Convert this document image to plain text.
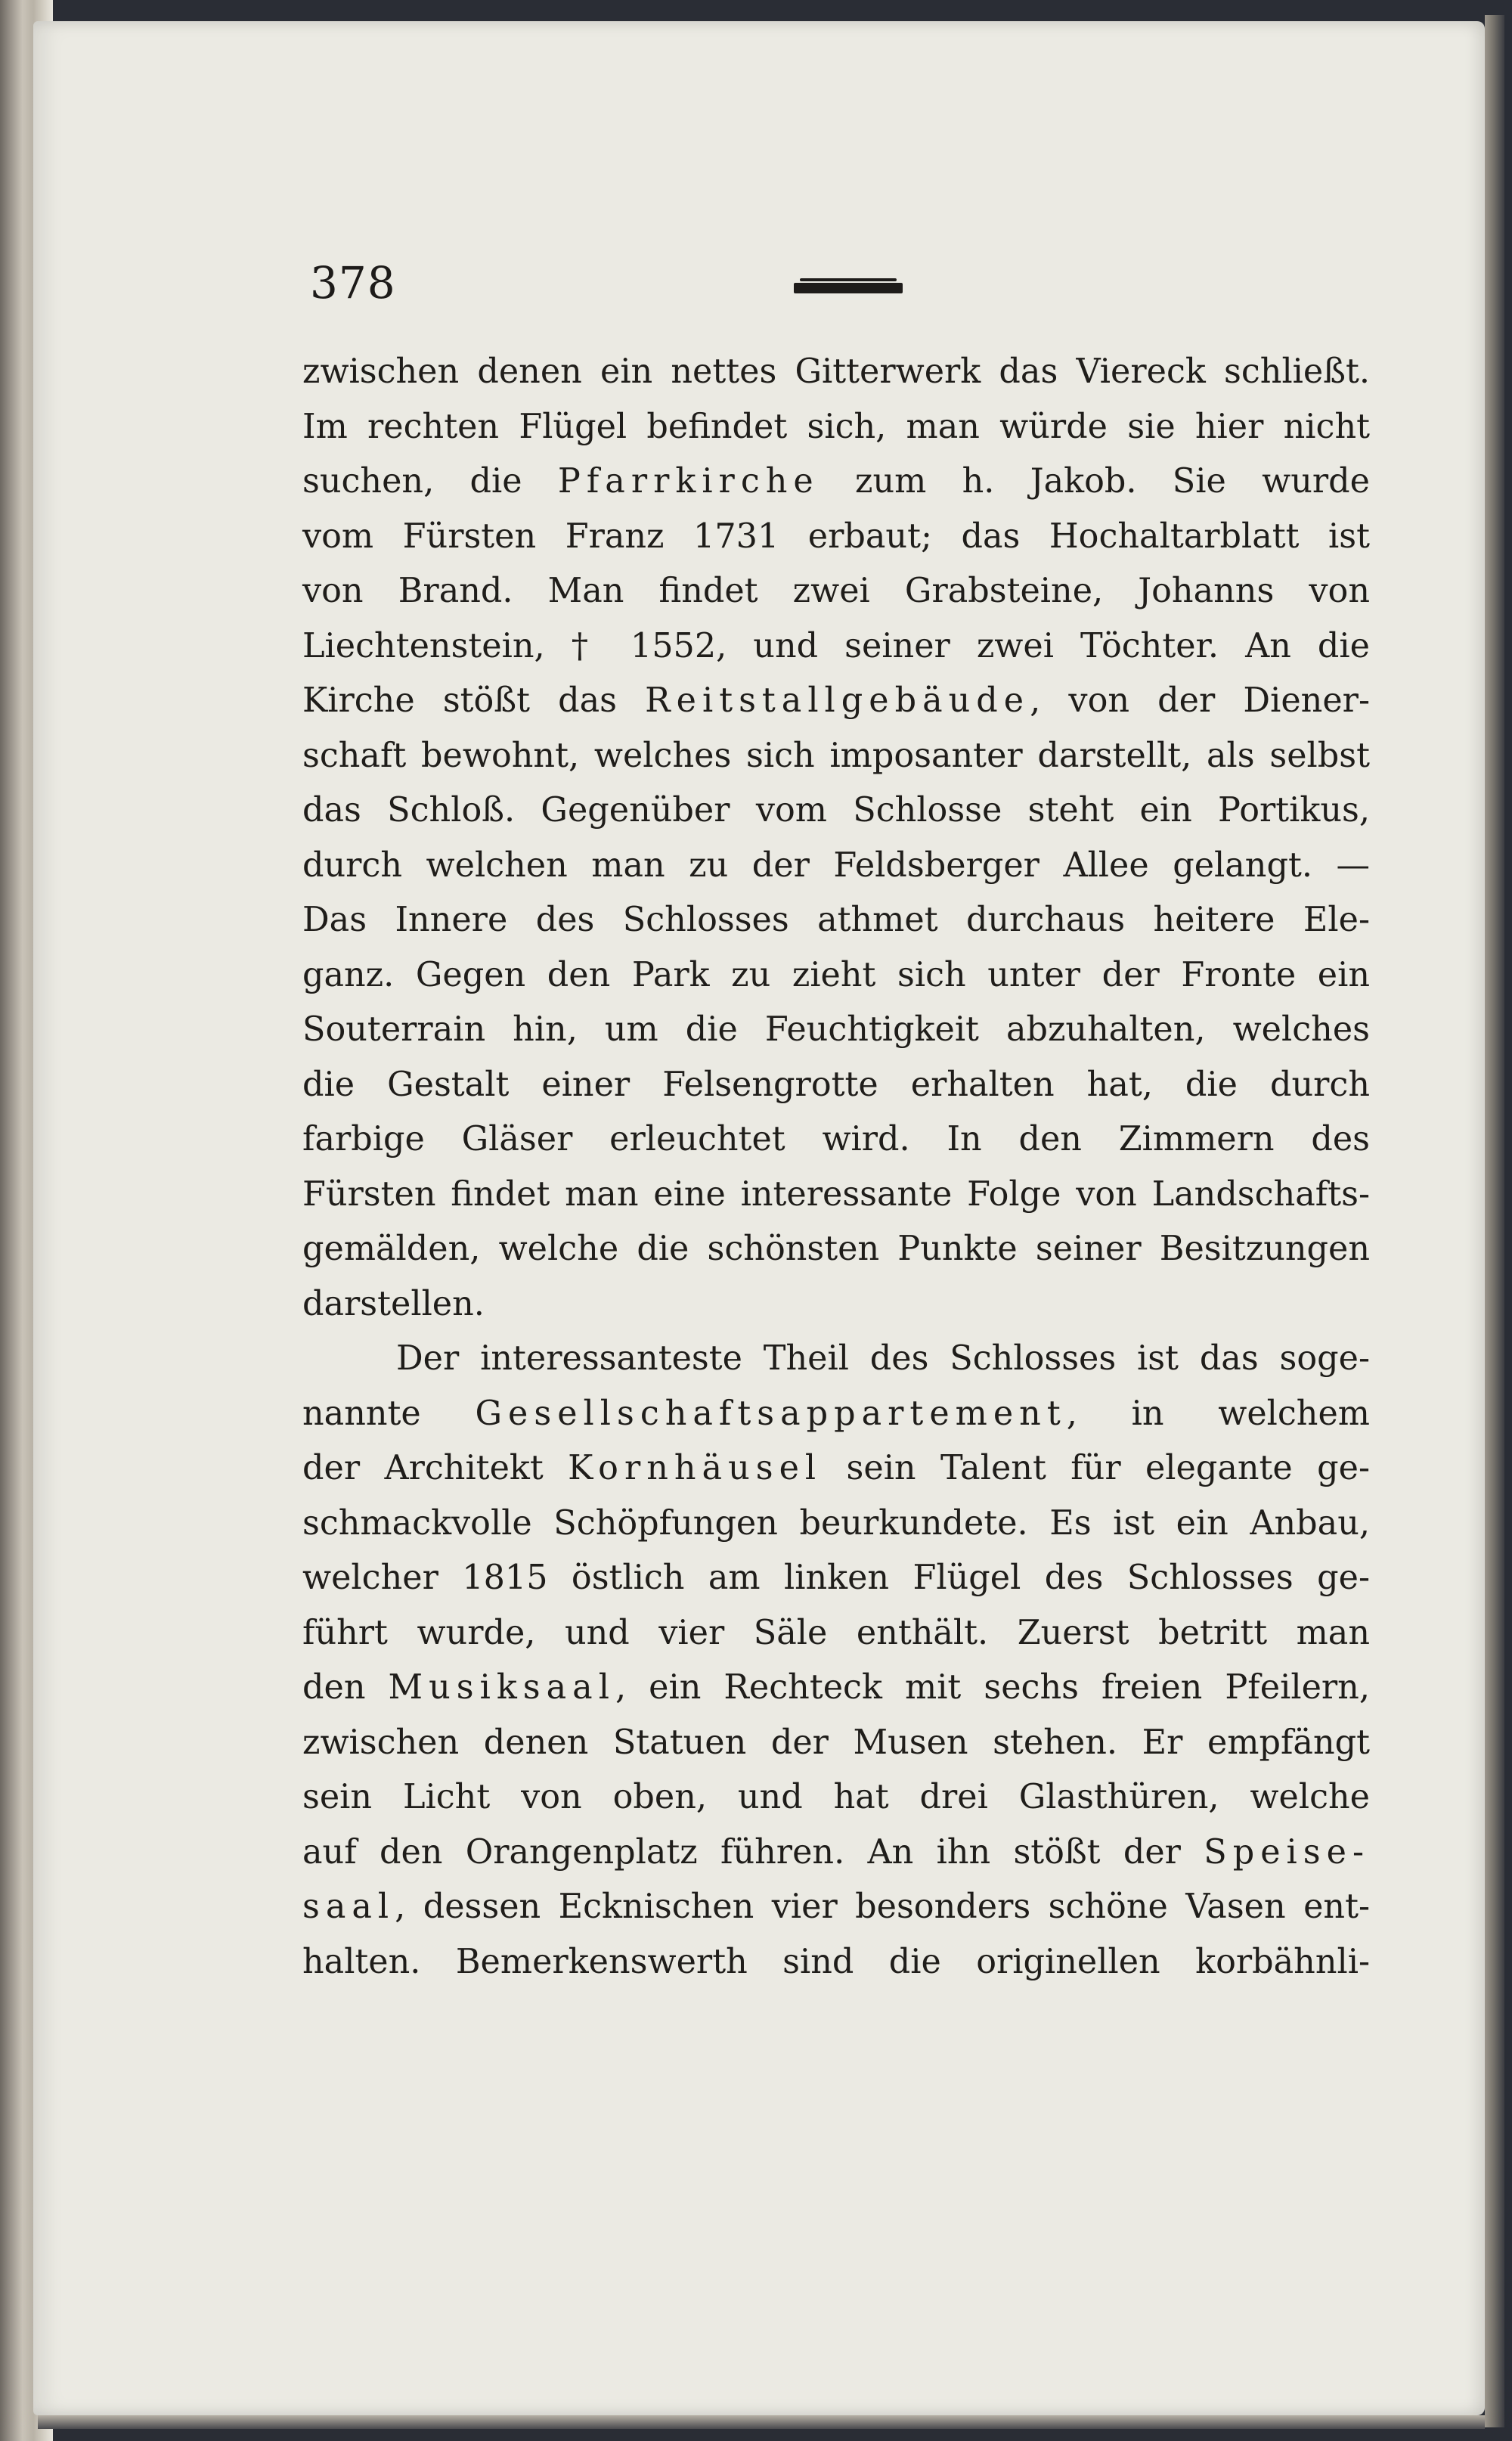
378
zwischen denen ein nettes Gitterwerk das Viereck schließt.
Im rechten Flügel befindet sich, man würde sie hier nicht
suchen, die Pfarrkirche zum h. Jakob. Sie wurde
vom Fürsten Franz 1731 erbaut; das Hochaltarblatt ist
von Brand. Man findet zwei Grabsteine, Johanns von
Liechtenstein, † 1552, und seiner zwei Töchter. An die
Kirche stößt das Reitstallgebäude, von der Diener-
schaft bewohnt, welches sich imposanter darstellt, als selbst
das Schloß. Gegenüber vom Schlosse steht ein Portikus,
durch welchen man zu der Feldsberger Allee gelangt. —
Das Innere des Schlosses athmet durchaus heitere Ele-
ganz. Gegen den Park zu zieht sich unter der Fronte ein
Souterrain hin, um die Feuchtigkeit abzuhalten, welches
die Gestalt einer Felsengrotte erhalten hat, die durch
farbige Gläser erleuchtet wird. In den Zimmern des
Fürsten findet man eine interessante Folge von Landschafts-
gemälden, welche die schönsten Punkte seiner Besitzungen
darstellen.
Der interessanteste Theil des Schlosses ist das soge-
nannte Gesellschaftsappartement, in welchem
der Architekt Kornhäusel sein Talent für elegante ge-
schmackvolle Schöpfungen beurkundete. Es ist ein Anbau,
welcher 1815 östlich am linken Flügel des Schlosses ge-
führt wurde, und vier Säle enthält. Zuerst betritt man
den Musiksaal, ein Rechteck mit sechs freien Pfeilern,
zwischen denen Statuen der Musen stehen. Er empfängt
sein Licht von oben, und hat drei Glasthüren, welche
auf den Orangenplatz führen. An ihn stößt der Speise-
saal, dessen Ecknischen vier besonders schöne Vasen ent-
halten. Bemerkenswerth sind die originellen korbähnli-
